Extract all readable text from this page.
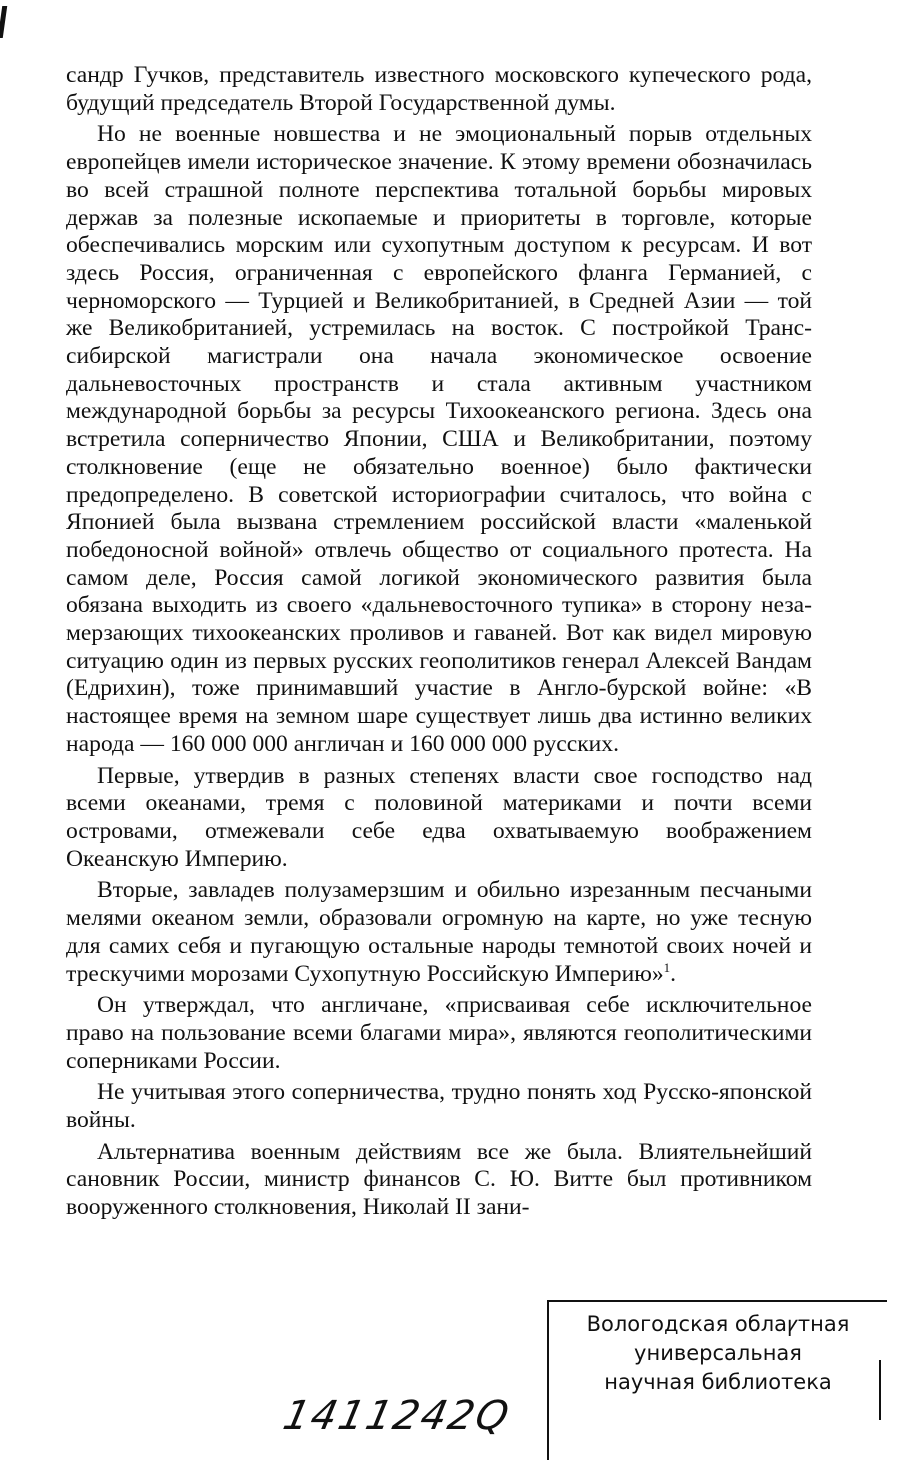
сандр Гучков, представитель известного московского купеческого рода, будущий председатель Второй Государственной думы.

Но не военные новшества и не эмоциональный порыв отдельных европейцев имели историческое значение. К этому времени обозначилась во всей страшной полноте перспектива тотальной борьбы мировых держав за полезные ископаемые и приоритеты в торговле, которые обеспечивались морским или сухопутным доступом к ресурсам. И вот здесь Россия, ограниченная с европейского фланга Германией, с черноморского — Турцией и Великобританией, в Средней Азии — той же Великобританией, устремилась на восток. С постройкой Транссибирской магистрали она начала экономическое освоение дальневосточных пространств и стала активным участником международной борьбы за ресурсы Тихоокеанского региона. Здесь она встретила соперничество Японии, США и Великобритании, поэтому столкновение (еще не обязательно военное) было фактически предопределено. В советской историографии считалось, что война с Японией была вызвана стремлением российской власти «маленькой победоносной войной» отвлечь общество от социального протеста. На самом деле, Россия самой логикой экономического развития была обязана выходить из своего «дальневосточного тупика» в сторону незамерзающих тихоокеанских проливов и гаваней. Вот как видел мировую ситуацию один из первых русских геополитиков генерал Алексей Вандам (Едрихин), тоже принимавший участие в Англо-бурской войне: «В настоящее время на земном шаре существует лишь два истинно великих народа — 160 000 000 англичан и 160 000 000 русских.

Первые, утвердив в разных степенях власти свое господство над всеми океанами, тремя с половиной материками и почти всеми островами, отмежевали себе едва охватываемую воображением Океанскую Империю.

Вторые, завладев полузамерзшим и обильно изрезанным песчаными мелями океаном земли, образовали огромную на карте, но уже тесную для самих себя и пугающую остальные народы темнотой своих ночей и трескучими морозами Сухопутную Российскую Империю»$^1$.

Он утверждал, что англичане, «присваивая себе исключительное право на пользование всеми благами мира», являются геополитическими соперниками России.

Не учитывая этого соперничества, трудно понять ход Русско-японской войны.

Альтернатива военным действиям все же была. Влиятельнейший сановник России, министр финансов С. Ю. Витте был противником вооруженного столкновения, Николай II зани-

Вологодская облаꝩтная
универсальная
научная библиотека
1411242Q
